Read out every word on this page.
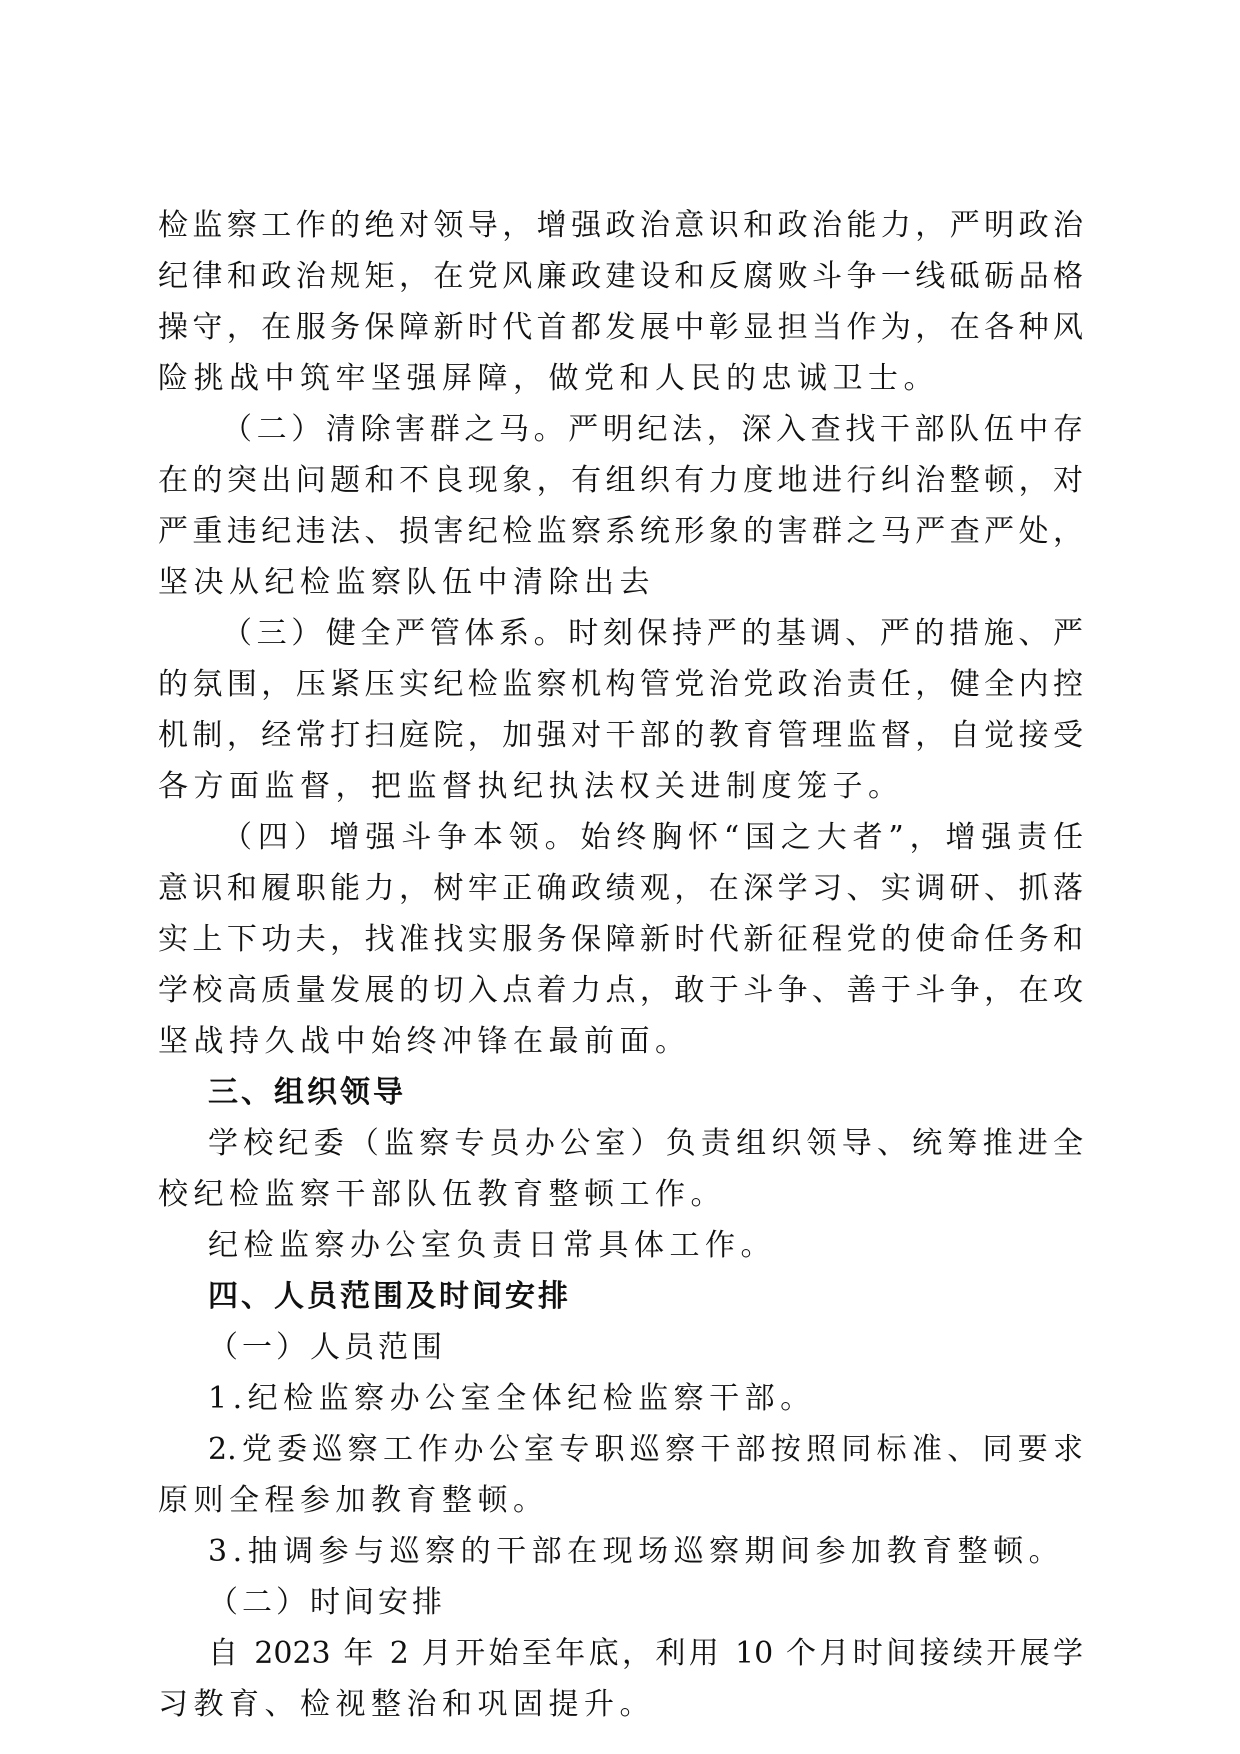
检监察工作的绝对领导，增强政治意识和政治能力，严明政治
纪律和政治规矩，在党风廉政建设和反腐败斗争一线砥砺品格
操守，在服务保障新时代首都发展中彰显担当作为，在各种风
险挑战中筑牢坚强屏障，做党和人民的忠诚卫士。
（二）清除害群之马。严明纪法，深入查找干部队伍中存
在的突出问题和不良现象，有组织有力度地进行纠治整顿，对
严重违纪违法、损害纪检监察系统形象的害群之马严查严处，
坚决从纪检监察队伍中清除出去
（三）健全严管体系。时刻保持严的基调、严的措施、严
的氛围，压紧压实纪检监察机构管党治党政治责任，健全内控
机制，经常打扫庭院，加强对干部的教育管理监督，自觉接受
各方面监督，把监督执纪执法权关进制度笼子。
（四）增强斗争本领。始终胸怀“国之大者”，增强责任
意识和履职能力，树牢正确政绩观，在深学习、实调研、抓落
实上下功夫，找准找实服务保障新时代新征程党的使命任务和
学校高质量发展的切入点着力点，敢于斗争、善于斗争，在攻
坚战持久战中始终冲锋在最前面。
三、组织领导
学校纪委（监察专员办公室）负责组织领导、统筹推进全
校纪检监察干部队伍教育整顿工作。
纪检监察办公室负责日常具体工作。
四、人员范围及时间安排
（一）人员范围
1.纪检监察办公室全体纪检监察干部。
2.党委巡察工作办公室专职巡察干部按照同标准、同要求
原则全程参加教育整顿。
3.抽调参与巡察的干部在现场巡察期间参加教育整顿。
（二）时间安排
自 2023 年 2 月开始至年底，利用 10 个月时间接续开展学
习教育、检视整治和巩固提升。
